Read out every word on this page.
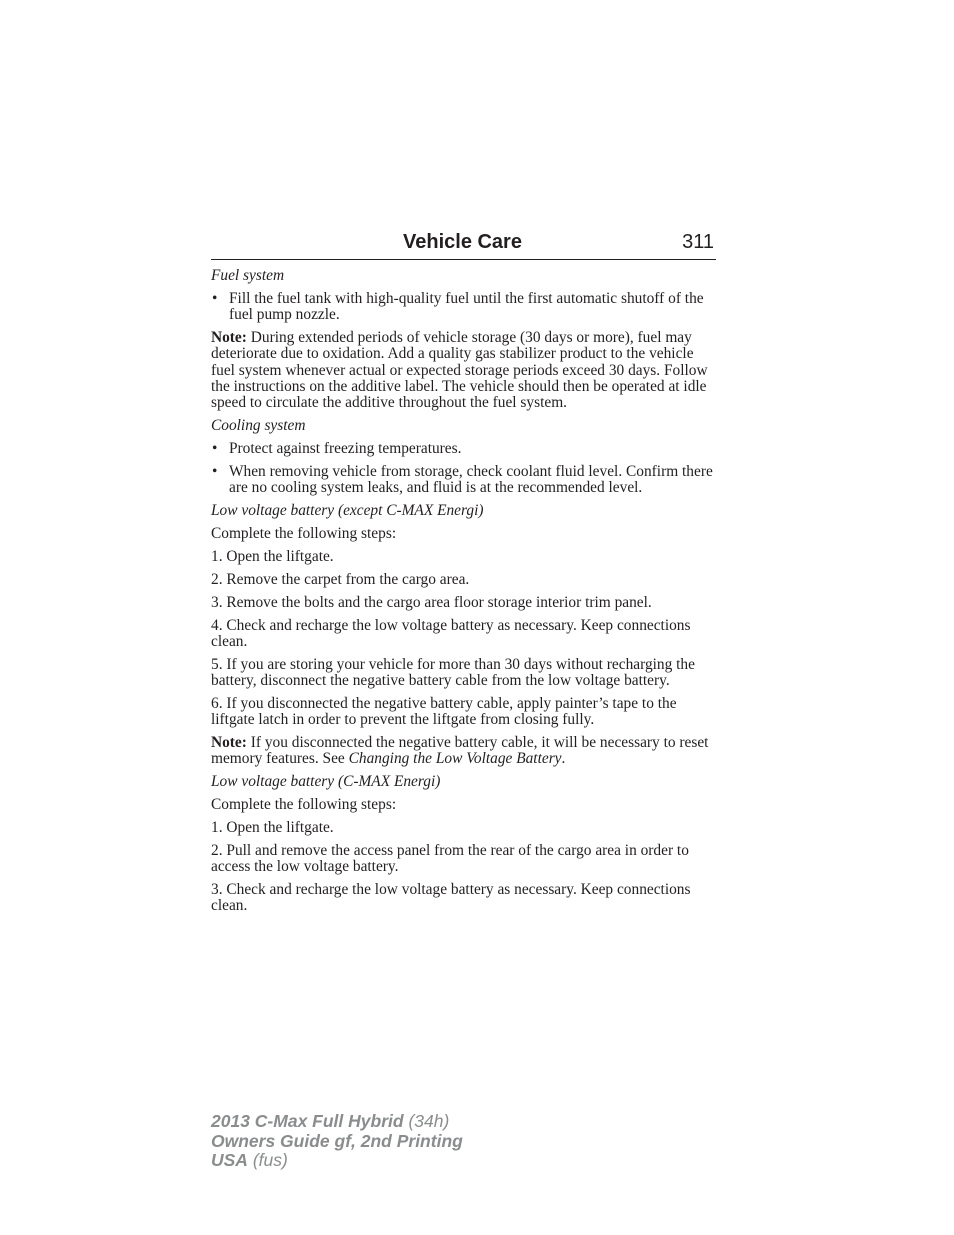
Vehicle Care	311

Fuel system

• Fill the fuel tank with high-quality fuel until the first automatic shutoff of the fuel pump nozzle.

Note: During extended periods of vehicle storage (30 days or more), fuel may deteriorate due to oxidation. Add a quality gas stabilizer product to the vehicle fuel system whenever actual or expected storage periods exceed 30 days. Follow the instructions on the additive label. The vehicle should then be operated at idle speed to circulate the additive throughout the fuel system.

Cooling system

• Protect against freezing temperatures.

• When removing vehicle from storage, check coolant fluid level. Confirm there are no cooling system leaks, and fluid is at the recommended level.

Low voltage battery (except C-MAX Energi)

Complete the following steps:

1. Open the liftgate.

2. Remove the carpet from the cargo area.

3. Remove the bolts and the cargo area floor storage interior trim panel.

4. Check and recharge the low voltage battery as necessary. Keep connections clean.

5. If you are storing your vehicle for more than 30 days without recharging the battery, disconnect the negative battery cable from the low voltage battery.

6. If you disconnected the negative battery cable, apply painter’s tape to the liftgate latch in order to prevent the liftgate from closing fully.

Note: If you disconnected the negative battery cable, it will be necessary to reset memory features. See Changing the Low Voltage Battery.

Low voltage battery (C-MAX Energi)

Complete the following steps:

1. Open the liftgate.

2. Pull and remove the access panel from the rear of the cargo area in order to access the low voltage battery.

3. Check and recharge the low voltage battery as necessary. Keep connections clean.

2013 C-Max Full Hybrid (34h)
Owners Guide gf, 2nd Printing
USA (fus)
